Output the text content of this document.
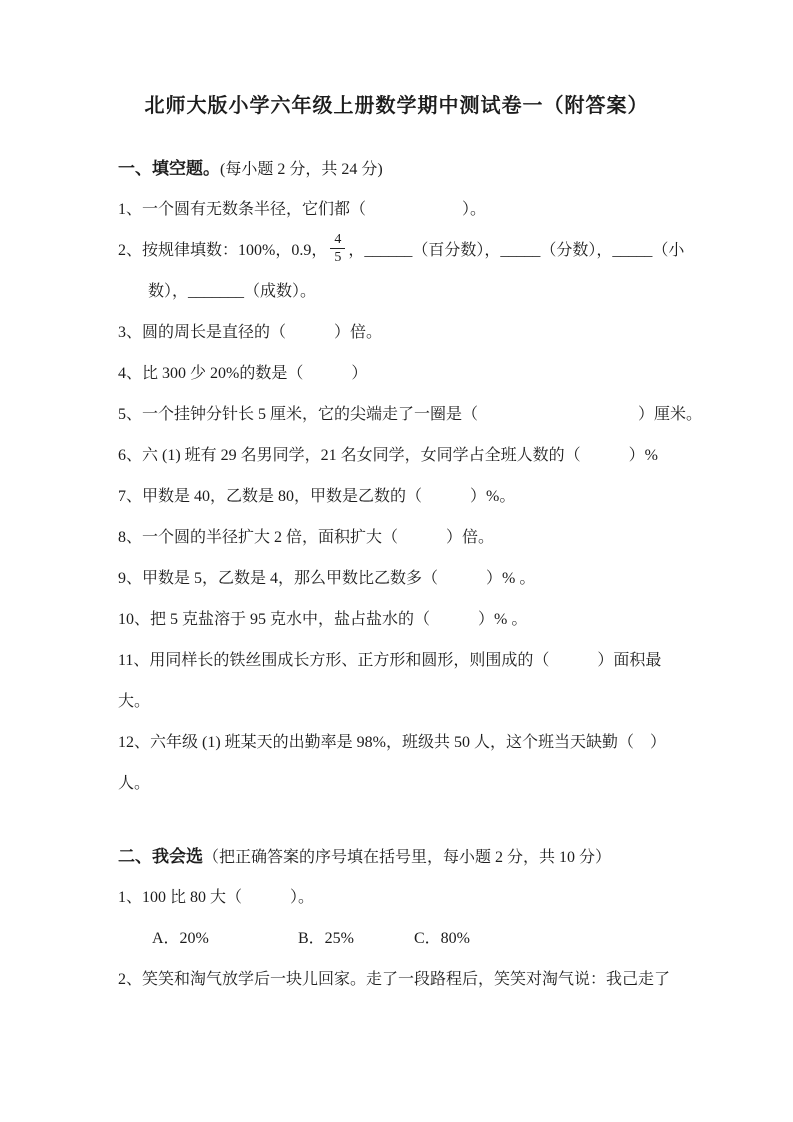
北师大版小学六年级上册数学期中测试卷一（附答案）
一、填空题。(每小题 2 分，共 24 分)
1、一个圆有无数条半径，它们都（　　　　　　）。
2、按规律填数：100%，0.9， $\frac{4}{5}$ ，______（百分数），_____（分数），_____（小
数），_______（成数）。
3、圆的周长是直径的（　　　）倍。
4、比 300 少 20%的数是（　　　）
5、一个挂钟分针长 5 厘米，它的尖端走了一圈是（　　　　　　　　　　）厘米。
6、六 (1) 班有 29 名男同学，21 名女同学，女同学占全班人数的（　　　）%
7、甲数是 40，乙数是 80，甲数是乙数的（　　　）%。
8、一个圆的半径扩大 2 倍，面积扩大（　　　）倍。
9、甲数是 5，乙数是 4，那么甲数比乙数多（　　　）% 。
10、把 5 克盐溶于 95 克水中，盐占盐水的（　　　）% 。
11、用同样长的铁丝围成长方形、正方形和圆形，则围成的（　　　）面积最
大。
12、六年级 (1) 班某天的出勤率是 98%，班级共 50 人，这个班当天缺勤（　）
人。
二、我会选（把正确答案的序号填在括号里，每小题 2 分，共 10 分）
1、100 比 80 大（　　　）。
A．20%	B．25%	C．80%
2、笑笑和淘气放学后一块儿回家。走了一段路程后，笑笑对淘气说：我己走了
